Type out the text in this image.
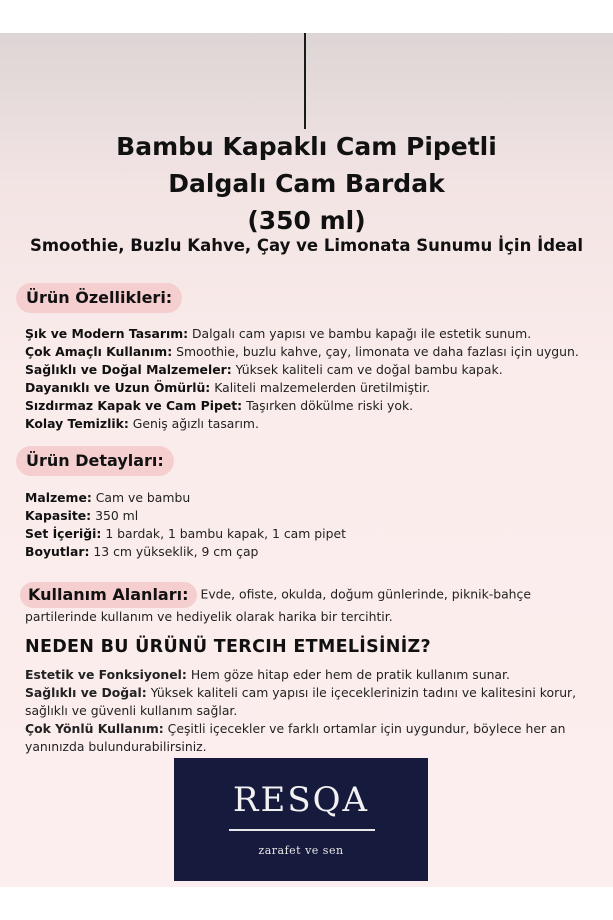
Bambu Kapaklı Cam Pipetli
Dalgalı Cam Bardak
(350 ml)
Smoothie, Buzlu Kahve, Çay ve Limonata Sunumu İçin İdeal
Ürün Özellikleri:
Şık ve Modern Tasarım: Dalgalı cam yapısı ve bambu kapağı ile estetik sunum.
Çok Amaçlı Kullanım: Smoothie, buzlu kahve, çay, limonata ve daha fazlası için uygun.
Sağlıklı ve Doğal Malzemeler: Yüksek kaliteli cam ve doğal bambu kapak.
Dayanıklı ve Uzun Ömürlü: Kaliteli malzemelerden üretilmiştir.
Sızdırmaz Kapak ve Cam Pipet: Taşırken dökülme riski yok.
Kolay Temizlik: Geniş ağızlı tasarım.
Ürün Detayları:
Malzeme: Cam ve bambu
Kapasite: 350 ml
Set İçeriği: 1 bardak, 1 bambu kapak, 1 cam pipet
Boyutlar: 13 cm yükseklik, 9 cm çap
Kullanım Alanları: Evde, ofiste, okulda, doğum günlerinde, piknik-bahçe
partilerinde kullanım ve hediyelik olarak harika bir tercihtir.
NEDEN BU ÜRÜNÜ TERCIH ETMELİSİNİZ?
Estetik ve Fonksiyonel: Hem göze hitap eder hem de pratik kullanım sunar.
Sağlıklı ve Doğal: Yüksek kaliteli cam yapısı ile içeceklerinizin tadını ve kalitesini korur,
sağlıklı ve güvenli kullanım sağlar.
Çok Yönlü Kullanım: Çeşitli içecekler ve farklı ortamlar için uygundur, böylece her an
yanınızda bulundurabilirsiniz.
RESQA
zarafet ve sen
